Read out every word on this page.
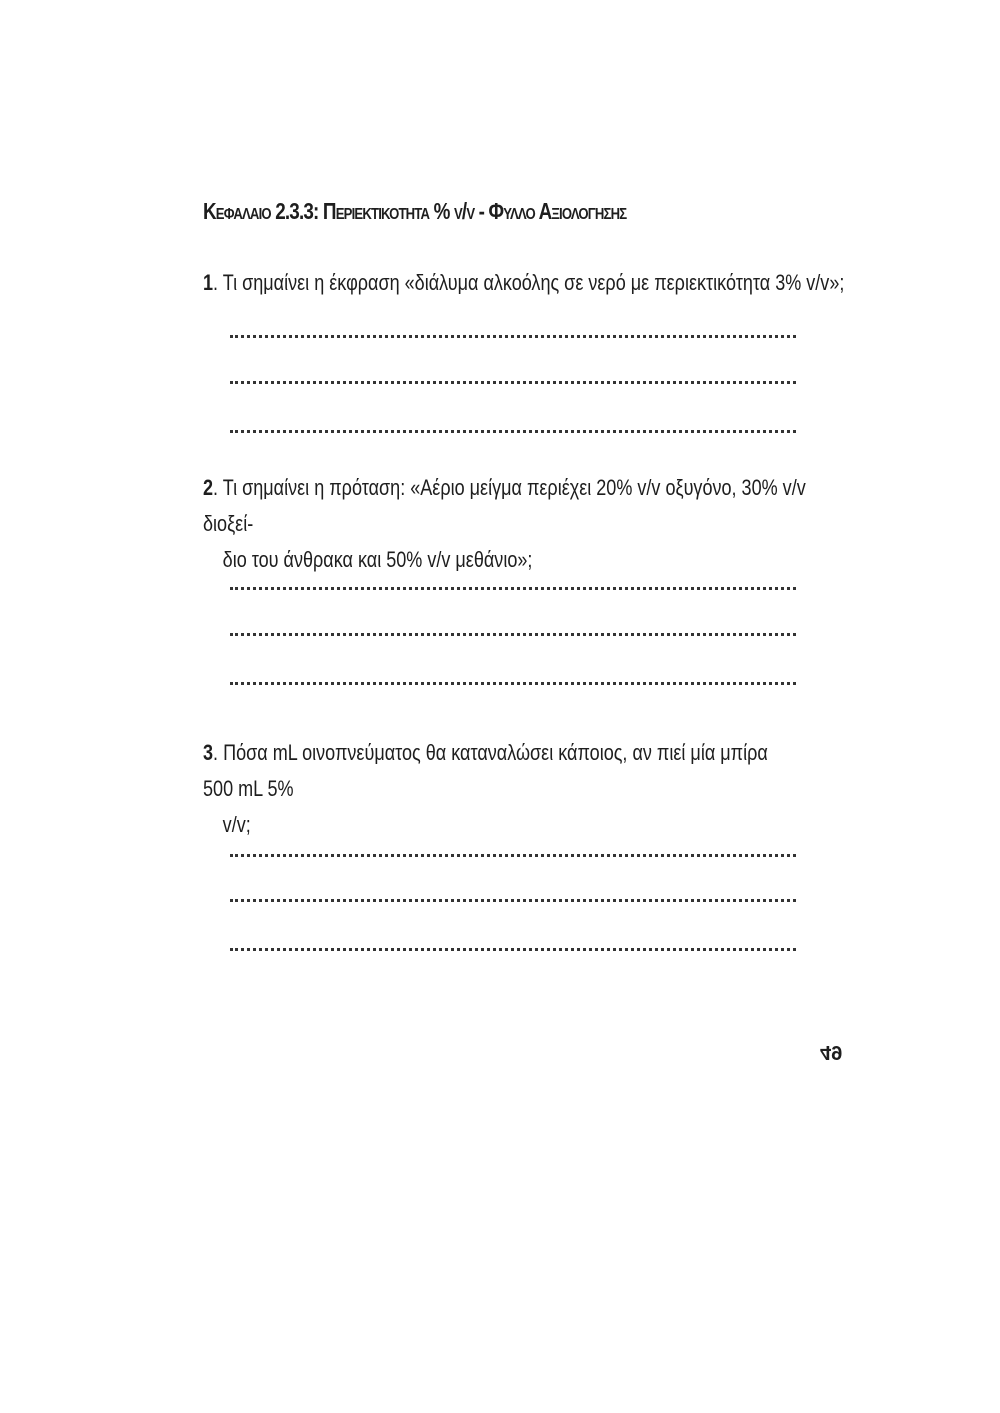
Κεφαλαιο 2.3.3: Περιεκτικοτητα % v/v - Φυλλο Αξιολογησης
1. Τι σημαίνει η έκφραση «διάλυμα αλκοόλης σε νερό με περιεκτικότητα 3% v/v»;
2. Τι σημαίνει η πρόταση: «Αέριο μείγμα περιέχει 20% v/v οξυγόνο, 30% v/v διοξεί-
διο του άνθρακα και 50% v/v μεθάνιο»;
3. Πόσα mL οινοπνεύματος θα καταναλώσει κάποιος, αν πιεί μία μπίρα 500 mL 5%
v/v;
49
